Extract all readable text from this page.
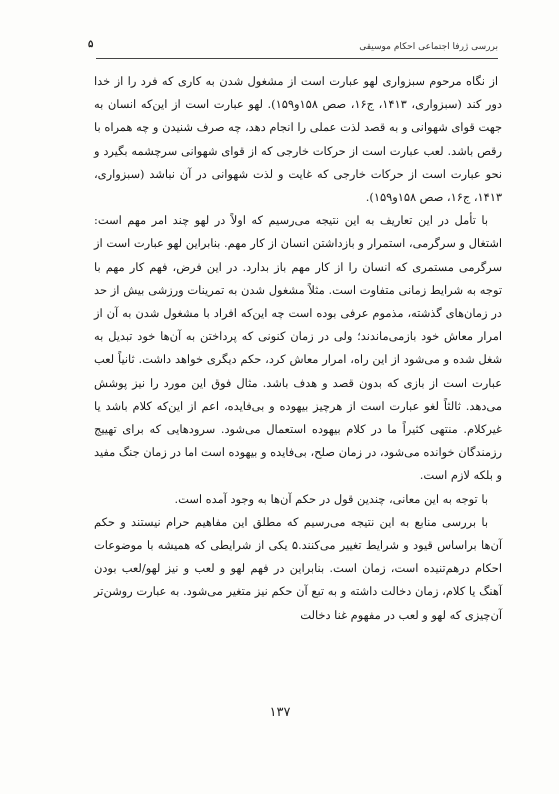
بررسی ژرفا اجتماعی احکام موسیقی
۵

از نگاه مرحوم سبزواری لهو عبارت است از مشغول شدن به کاری که فرد را از خدا دور کند (سبزواری، ۱۴۱۳، ج۱۶، صص ۱۵۸و۱۵۹). لهو عبارت است از این‌که انسان به جهت قوای شهوانی و به قصد لذت عملی را انجام دهد، چه صرف شنیدن و چه همراه با رقص باشد. لعب عبارت است از حرکات خارجی که از قوای شهوانی سرچشمه بگیرد و نحو عبارت است از حرکات خارجی که غایت و لذت شهوانی در آن نباشد (سبزواری، ۱۴۱۳، ج۱۶، صص ۱۵۸و۱۵۹).

با تأمل در این تعاریف به این نتیجه می‌رسیم که اولاً در لهو چند امر مهم است: اشتغال و سرگرمی، استمرار و بازداشتن انسان از کار مهم. بنابراین لهو عبارت است از سرگرمی مستمری که انسان را از کار مهم باز بدارد. در این فرض، فهم کار مهم با توجه به شرایط زمانی متفاوت است. مثلاً مشغول شدن به تمرینات ورزشی بیش از حد در زمان‌های گذشته، مذموم عرفی بوده است چه این‌که افراد با مشغول شدن به آن از امرار معاش خود بازمی‌ماندند؛ ولی در زمان کنونی که پرداختن به آن‌ها خود تبدیل به شغل شده و می‌شود از این راه، امرار معاش کرد، حکم دیگری خواهد داشت. ثانیاً لعب عبارت است از بازی که بدون قصد و هدف باشد. مثال فوق این مورد را نیز پوشش می‌دهد. ثالثاً لغو عبارت است از هرچیز بیهوده و بی‌فایده، اعم از این‌که کلام باشد یا غیرکلام. منتهی کثیراً ما در کلام بیهوده استعمال می‌شود. سرودهایی که برای تهییج رزمندگان خوانده می‌شود، در زمان صلح، بی‌فایده و بیهوده است اما در زمان جنگ مفید و بلکه لازم است.

با توجه به این معانی، چندین قول در حکم آن‌ها به وجود آمده است.

با بررسی منابع به این نتیجه می‌رسیم که مطلق این مفاهیم حرام نیستند و حکم آن‌ها براساس قیود و شرایط تغییر می‌کنند.۵ یکی از شرایطی که همیشه با موضوعات احکام درهم‌تنیده است، زمان است. بنابراین در فهم لهو و لعب و نیز لهو/لعب بودن آهنگ یا کلام، زمان دخالت داشته و به تبع آن حکم نیز متغیر می‌شود. به عبارت روشن‌تر آن‌چیزی که لهو و لعب در مفهوم غنا دخالت

۱۳۷
